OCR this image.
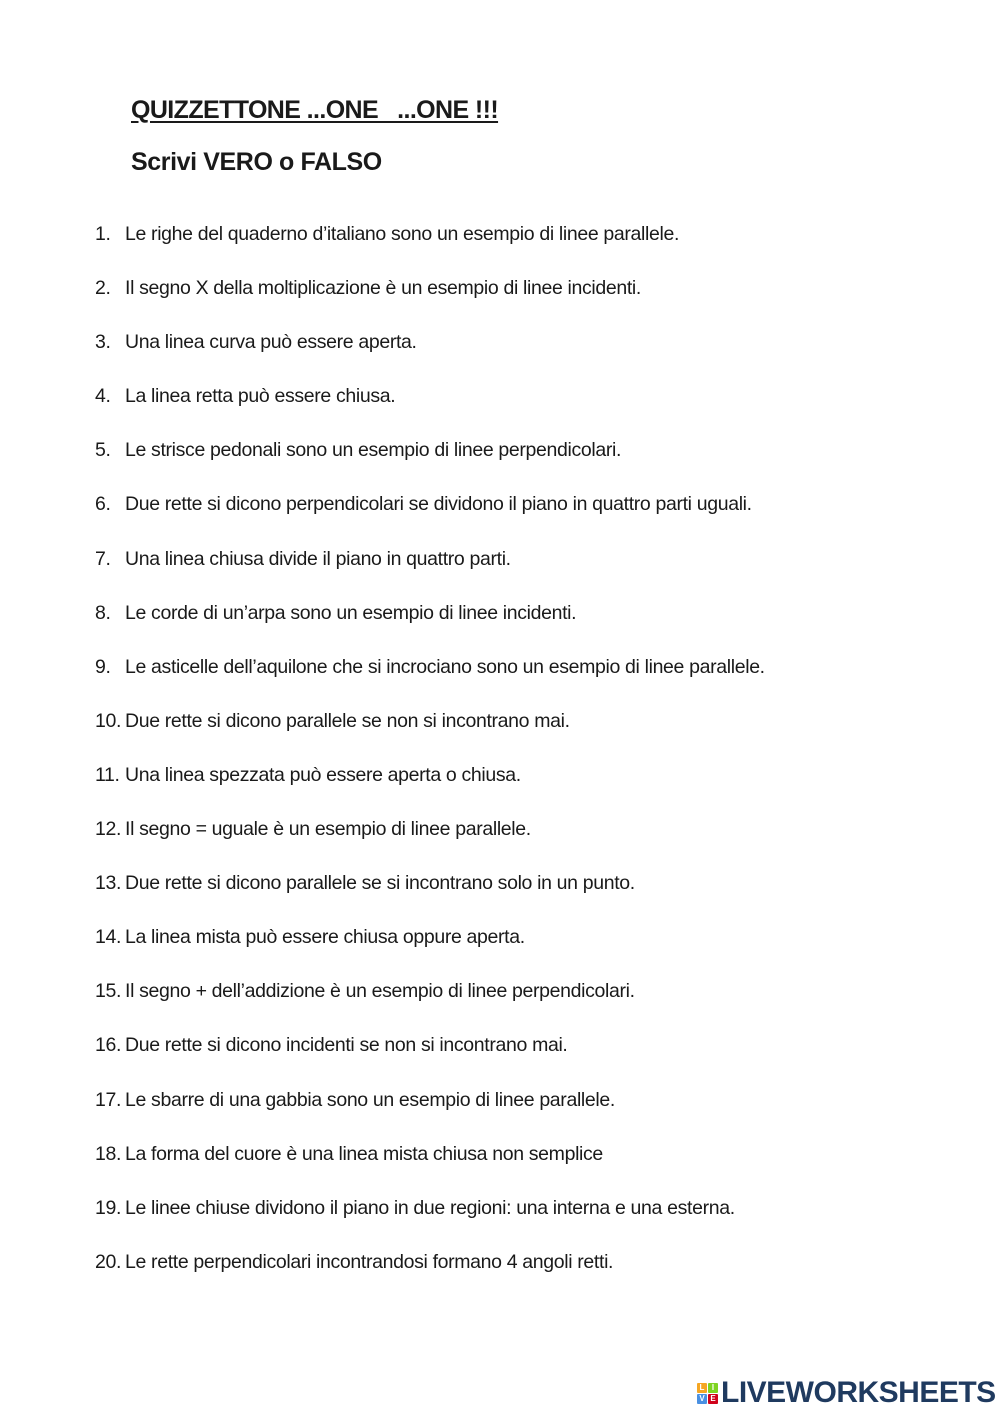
QUIZZETTONE ...ONE   ...ONE !!!
Scrivi VERO o FALSO
1. Le righe del quaderno d’italiano sono un esempio di linee parallele.
2. Il segno X della moltiplicazione è un esempio di linee incidenti.
3. Una linea curva può essere aperta.
4. La linea retta può essere chiusa.
5. Le strisce pedonali sono un esempio di linee perpendicolari.
6. Due rette si dicono perpendicolari se dividono il piano in quattro parti uguali.
7. Una linea chiusa divide il piano in quattro parti.
8. Le corde di un’arpa sono un esempio di linee incidenti.
9. Le asticelle dell’aquilone che si incrociano sono un esempio di linee parallele.
10. Due rette si dicono parallele se non si incontrano mai.
11. Una linea spezzata può essere aperta o chiusa.
12. Il segno = uguale è un esempio di linee parallele.
13. Due rette si dicono parallele se si incontrano solo in un punto.
14. La linea mista può essere chiusa oppure aperta.
15. Il segno + dell’addizione è un esempio di linee perpendicolari.
16. Due rette si dicono incidenti se non si incontrano mai.
17. Le sbarre di una gabbia sono un esempio di linee parallele.
18. La forma del cuore è una linea mista chiusa non semplice
19. Le linee chiuse dividono il piano in due regioni: una interna e una esterna.
20. Le rette perpendicolari incontrandosi formano 4 angoli retti.
L I
V E LIVEWORKSHEETS
